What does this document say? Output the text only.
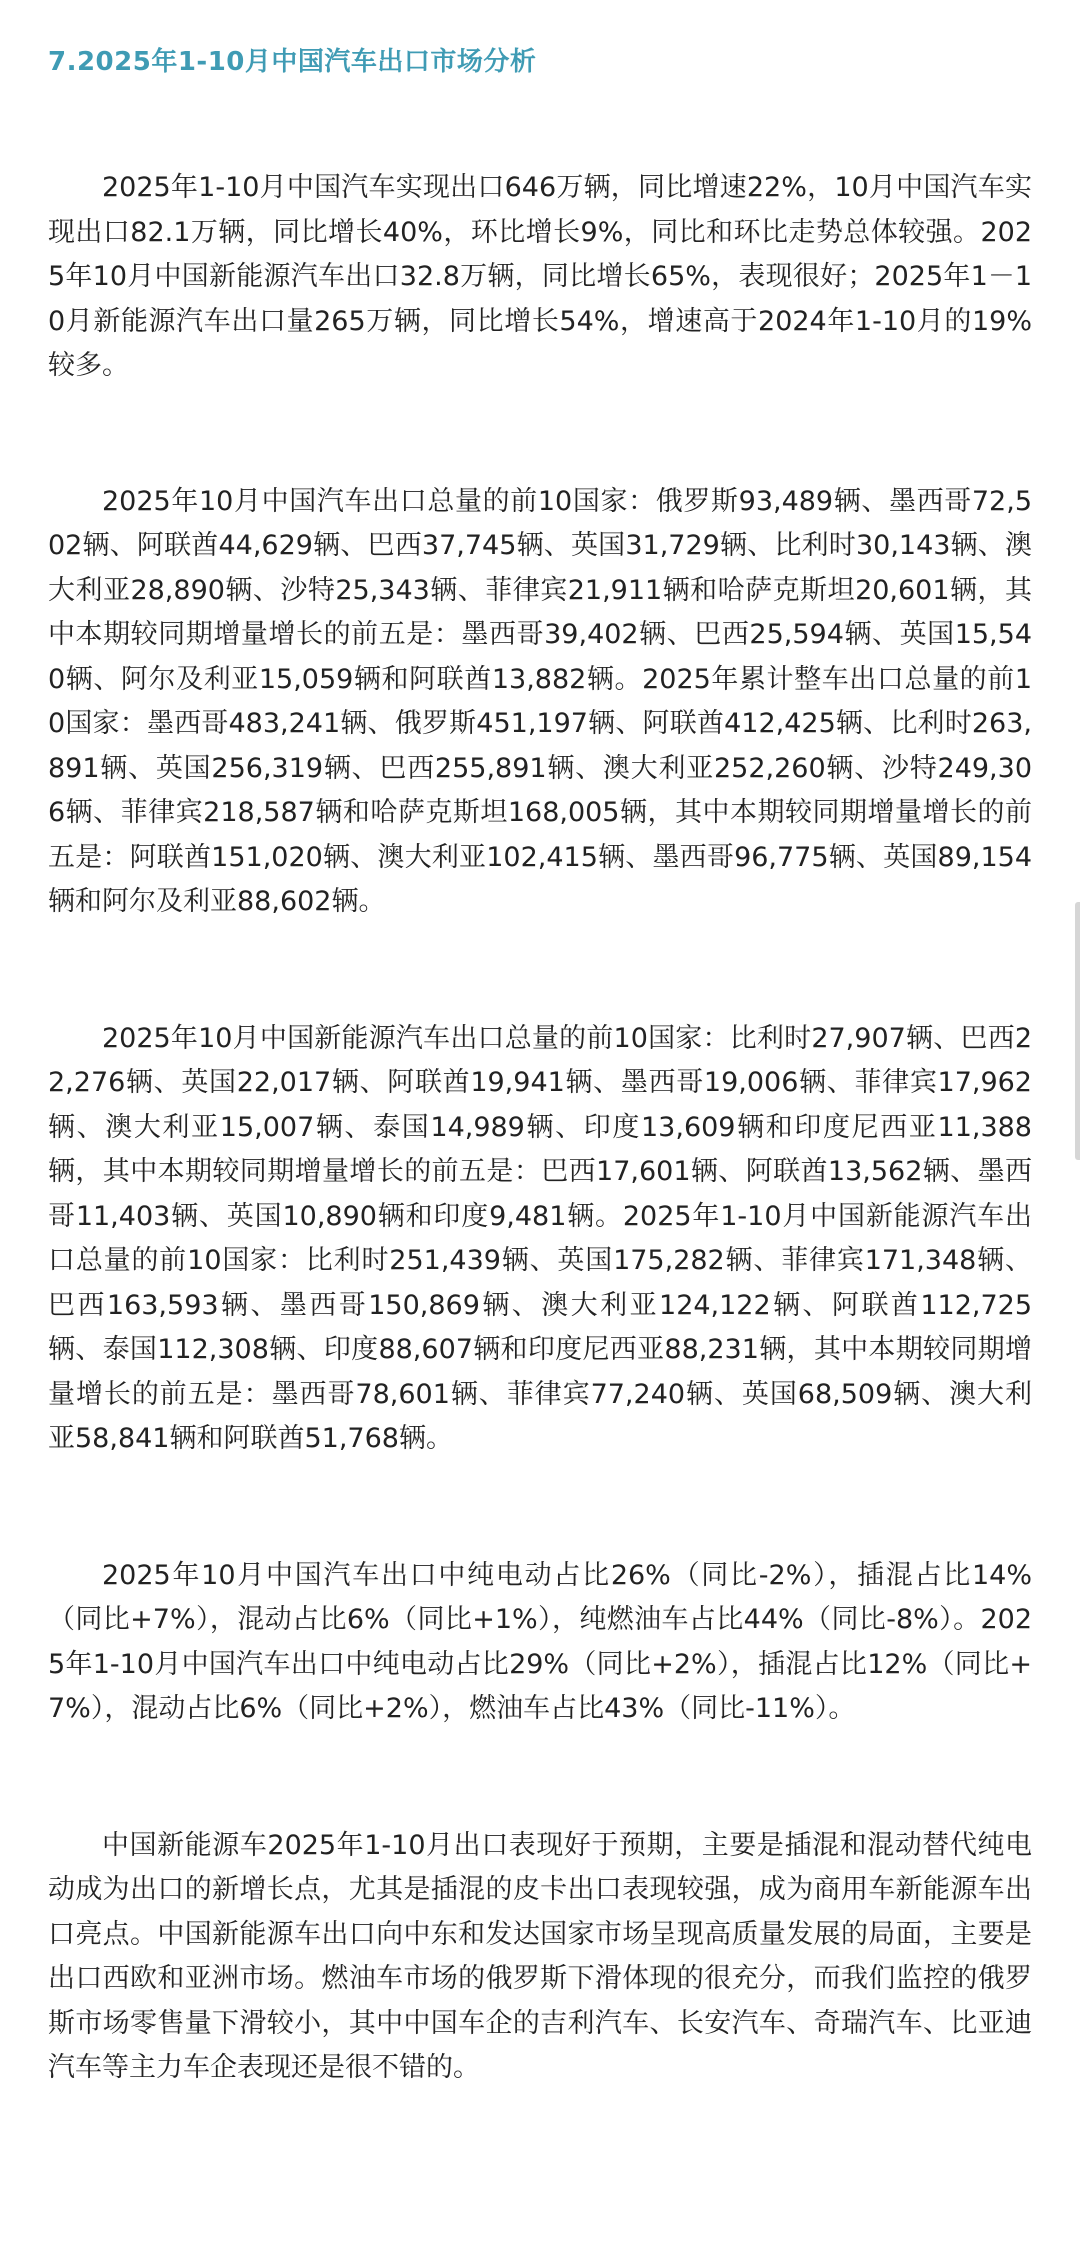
7.2025年1-10月中国汽车出口市场分析

2025年1-10月中国汽车实现出口646万辆，同比增速22%，10月中国汽车实现出口82.1万辆，同比增长40%，环比增长9%，同比和环比走势总体较强。2025年10月中国新能源汽车出口32.8万辆，同比增长65%，表现很好；2025年1－10月新能源汽车出口量265万辆，同比增长54%，增速高于2024年1-10月的19%较多。

2025年10月中国汽车出口总量的前10国家：俄罗斯93,489辆、墨西哥72,502辆、阿联酋44,629辆、巴西37,745辆、英国31,729辆、比利时30,143辆、澳大利亚28,890辆、沙特25,343辆、菲律宾21,911辆和哈萨克斯坦20,601辆，其中本期较同期增量增长的前五是：墨西哥39,402辆、巴西25,594辆、英国15,540辆、阿尔及利亚15,059辆和阿联酋13,882辆。2025年累计整车出口总量的前10国家：墨西哥483,241辆、俄罗斯451,197辆、阿联酋412,425辆、比利时263,891辆、英国256,319辆、巴西255,891辆、澳大利亚252,260辆、沙特249,306辆、菲律宾218,587辆和哈萨克斯坦168,005辆，其中本期较同期增量增长的前五是：阿联酋151,020辆、澳大利亚102,415辆、墨西哥96,775辆、英国89,154辆和阿尔及利亚88,602辆。

2025年10月中国新能源汽车出口总量的前10国家：比利时27,907辆、巴西22,276辆、英国22,017辆、阿联酋19,941辆、墨西哥19,006辆、菲律宾17,962辆、澳大利亚15,007辆、泰国14,989辆、印度13,609辆和印度尼西亚11,388辆，其中本期较同期增量增长的前五是：巴西17,601辆、阿联酋13,562辆、墨西哥11,403辆、英国10,890辆和印度9,481辆。2025年1-10月中国新能源汽车出口总量的前10国家：比利时251,439辆、英国175,282辆、菲律宾171,348辆、巴西163,593辆、墨西哥150,869辆、澳大利亚124,122辆、阿联酋112,725辆、泰国112,308辆、印度88,607辆和印度尼西亚88,231辆，其中本期较同期增量增长的前五是：墨西哥78,601辆、菲律宾77,240辆、英国68,509辆、澳大利亚58,841辆和阿联酋51,768辆。

2025年10月中国汽车出口中纯电动占比26%（同比-2%），插混占比14%（同比+7%），混动占比6%（同比+1%），纯燃油车占比44%（同比-8%）。2025年1-10月中国汽车出口中纯电动占比29%（同比+2%），插混占比12%（同比+7%），混动占比6%（同比+2%），燃油车占比43%（同比-11%）。

中国新能源车2025年1-10月出口表现好于预期，主要是插混和混动替代纯电动成为出口的新增长点，尤其是插混的皮卡出口表现较强，成为商用车新能源车出口亮点。中国新能源车出口向中东和发达国家市场呈现高质量发展的局面，主要是出口西欧和亚洲市场。燃油车市场的俄罗斯下滑体现的很充分，而我们监控的俄罗斯市场零售量下滑较小，其中中国车企的吉利汽车、长安汽车、奇瑞汽车、比亚迪汽车等主力车企表现还是很不错的。
